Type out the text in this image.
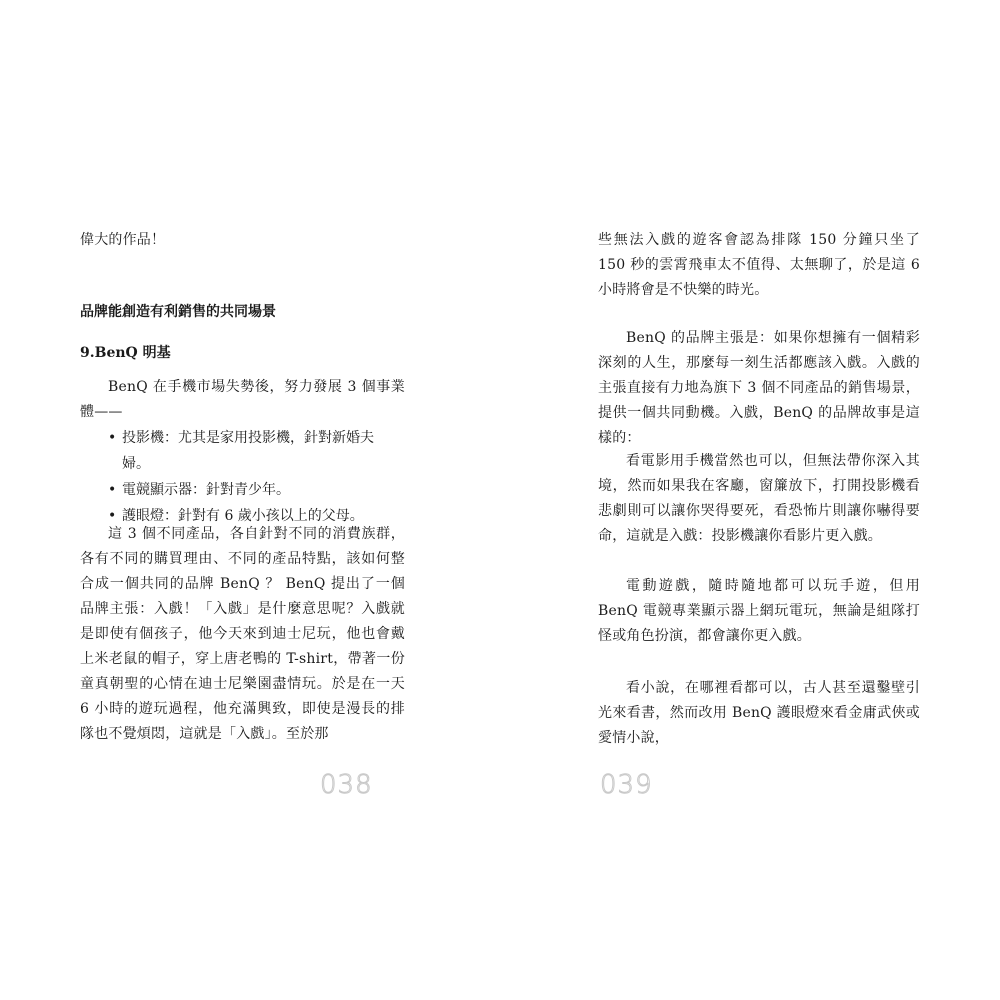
偉大的作品！

品牌能創造有利銷售的共同場景
9.BenQ 明基

BenQ 在手機市場失勢後，努力發展 3 個事業體——

• 投影機：尤其是家用投影機，針對新婚夫婦。
• 電競顯示器：針對青少年。
• 護眼燈：針對有 6 歲小孩以上的父母。

這 3 個不同產品，各自針對不同的消費族群，各有不同的購買理由、不同的產品特點，該如何整合成一個共同的品牌 BenQ ？ BenQ 提出了一個品牌主張：入戲！「入戲」是什麼意思呢？入戲就是即使有個孩子，他今天來到迪士尼玩，他也會戴上米老鼠的帽子，穿上唐老鴨的 T-shirt，帶著一份童真朝聖的心情在迪士尼樂園盡情玩。於是在一天 6 小時的遊玩過程，他充滿興致，即使是漫長的排隊也不覺煩悶，這就是「入戲」。至於那

038

些無法入戲的遊客會認為排隊 150 分鐘只坐了 150 秒的雲霄飛車太不值得、太無聊了，於是這 6 小時將會是不快樂的時光。

BenQ 的品牌主張是：如果你想擁有一個精彩深刻的人生，那麼每一刻生活都應該入戲。入戲的主張直接有力地為旗下 3 個不同產品的銷售場景，提供一個共同動機。入戲，BenQ 的品牌故事是這樣的：

看電影用手機當然也可以，但無法帶你深入其境，然而如果我在客廳，窗簾放下，打開投影機看悲劇則可以讓你哭得要死，看恐怖片則讓你嚇得要命，這就是入戲：投影機讓你看影片更入戲。

電動遊戲，隨時隨地都可以玩手遊，但用 BenQ 電競專業顯示器上網玩電玩，無論是組隊打怪或角色扮演，都會讓你更入戲。

看小說，在哪裡看都可以，古人甚至還鑿壁引光來看書，然而改用 BenQ 護眼燈來看金庸武俠或愛情小說，

039
